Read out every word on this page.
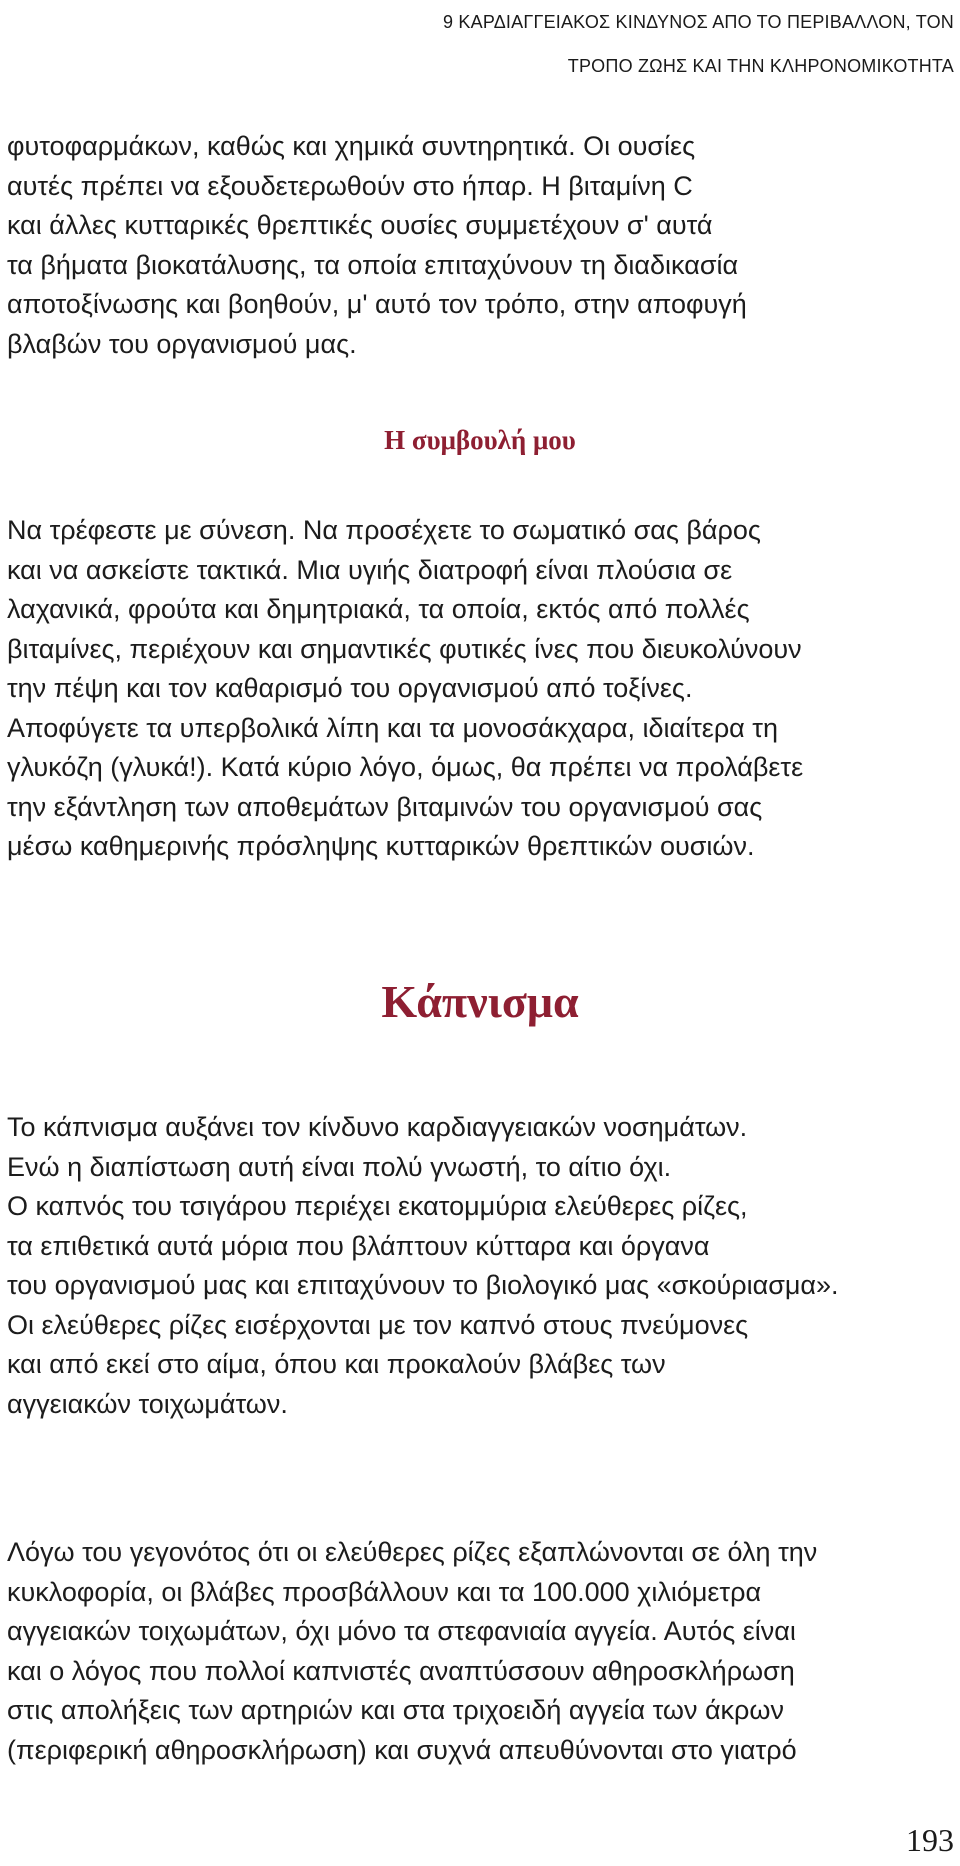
9 ΚΑΡΔΙΑΓΓΕΙΑΚΟΣ ΚΙΝΔΥΝΟΣ ΑΠΟ ΤΟ ΠΕΡΙΒΑΛΛΟΝ, ΤΟΝ
ΤΡΟΠΟ ΖΩΗΣ ΚΑΙ ΤΗΝ ΚΛΗΡΟΝΟΜΙΚΟΤΗΤΑ

φυτοφαρμάκων, καθώς και χημικά συντηρητικά. Οι ουσίες
αυτές πρέπει να εξουδετερωθούν στο ήπαρ. Η βιταμίνη C
και άλλες κυτταρικές θρεπτικές ουσίες συμμετέχουν σ' αυτά
τα βήματα βιοκατάλυσης, τα οποία επιταχύνουν τη διαδικασία
αποτοξίνωσης και βοηθούν, μ' αυτό τον τρόπο, στην αποφυγή
βλαβών του οργανισμού μας.

Η συμβουλή μου

Να τρέφεστε με σύνεση. Να προσέχετε το σωματικό σας βάρος
και να ασκείστε τακτικά. Μια υγιής διατροφή είναι πλούσια σε
λαχανικά, φρούτα και δημητριακά, τα οποία, εκτός από πολλές
βιταμίνες, περιέχουν και σημαντικές φυτικές ίνες που διευκολύνουν
την πέψη και τον καθαρισμό του οργανισμού από τοξίνες.
Αποφύγετε τα υπερβολικά λίπη και τα μονοσάκχαρα, ιδιαίτερα τη
γλυκόζη (γλυκά!). Κατά κύριο λόγο, όμως, θα πρέπει να προλάβετε
την εξάντληση των αποθεμάτων βιταμινών του οργανισμού σας
μέσω καθημερινής πρόσληψης κυτταρικών θρεπτικών ουσιών.

Κάπνισμα

Το κάπνισμα αυξάνει τον κίνδυνο καρδιαγγειακών νοσημάτων.
Ενώ η διαπίστωση αυτή είναι πολύ γνωστή, το αίτιο όχι.
Ο καπνός του τσιγάρου περιέχει εκατομμύρια ελεύθερες ρίζες,
τα επιθετικά αυτά μόρια που βλάπτουν κύτταρα και όργανα
του οργανισμού μας και επιταχύνουν το βιολογικό μας «σκούριασμα».
Οι ελεύθερες ρίζες εισέρχονται με τον καπνό στους πνεύμονες
και από εκεί στο αίμα, όπου και προκαλούν βλάβες των
αγγειακών τοιχωμάτων.

Λόγω του γεγονότος ότι οι ελεύθερες ρίζες εξαπλώνονται σε όλη την
κυκλοφορία, οι βλάβες προσβάλλουν και τα 100.000 χιλιόμετρα
αγγειακών τοιχωμάτων, όχι μόνο τα στεφανιαία αγγεία. Αυτός είναι
και ο λόγος που πολλοί καπνιστές αναπτύσσουν αθηροσκλήρωση
στις απολήξεις των αρτηριών και στα τριχοειδή αγγεία των άκρων
(περιφερική αθηροσκλήρωση) και συχνά απευθύνονται στο γιατρό

193
